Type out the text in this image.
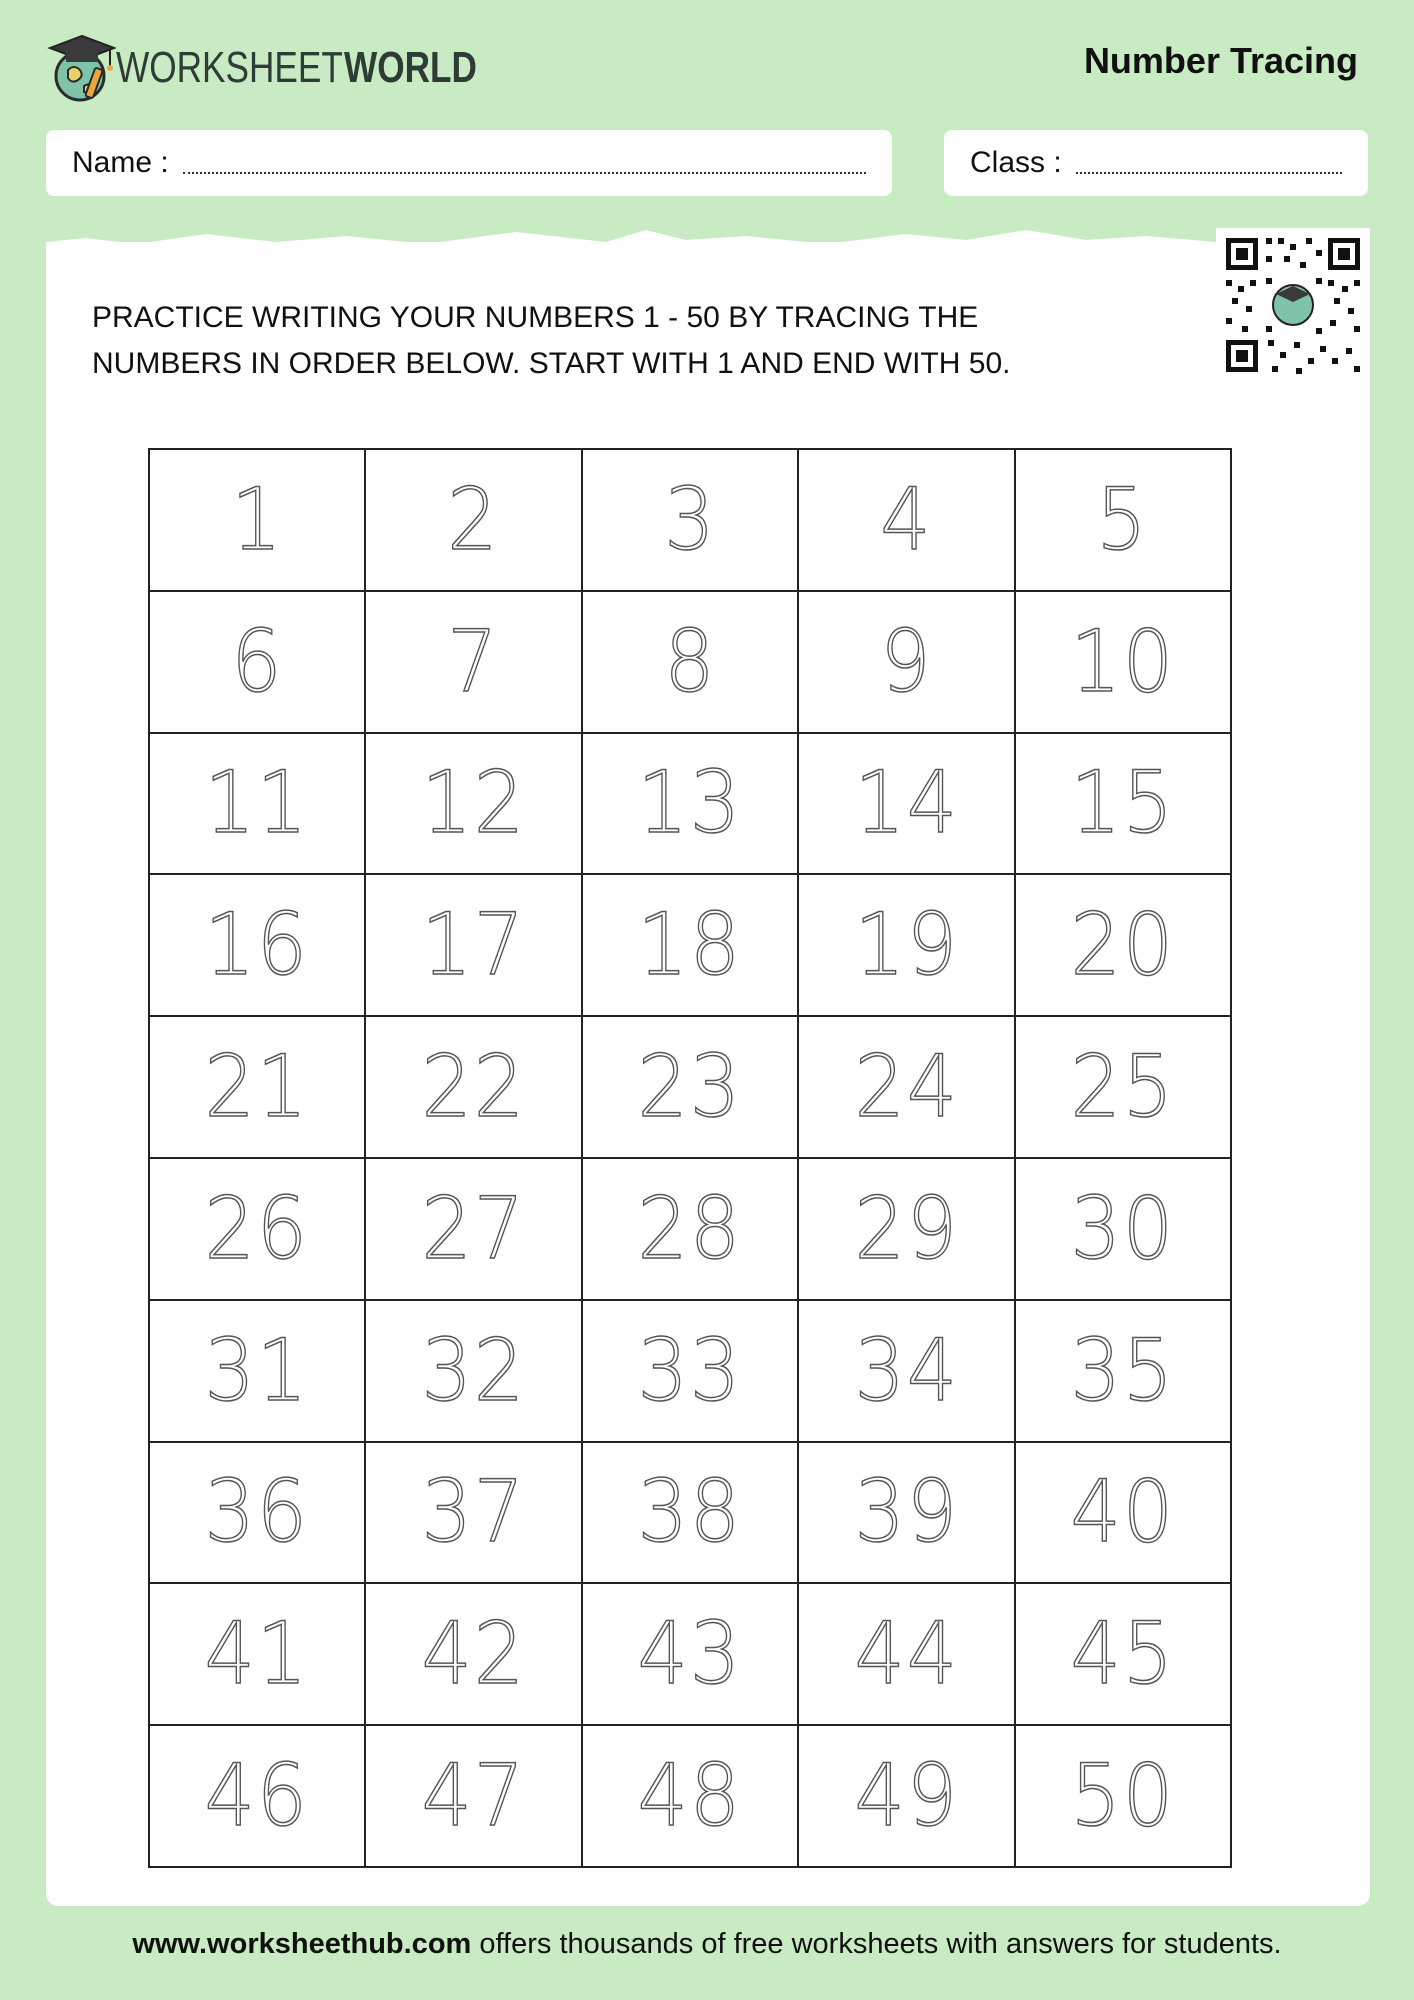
WORKSHEET WORLD	Number Tracing
Name :	Class :
PRACTICE WRITING YOUR NUMBERS 1 - 50 BY TRACING THE
NUMBERS IN ORDER BELOW. START WITH 1 AND END WITH 50.
1 2 3 4 5
6 7 8 9 10
11 12 13 14 15
16 17 18 19 20
21 22 23 24 25
26 27 28 29 30
31 32 33 34 35
36 37 38 39 40
41 42 43 44 45
46 47 48 49 50
www.worksheethub.com offers thousands of free worksheets with answers for students.
